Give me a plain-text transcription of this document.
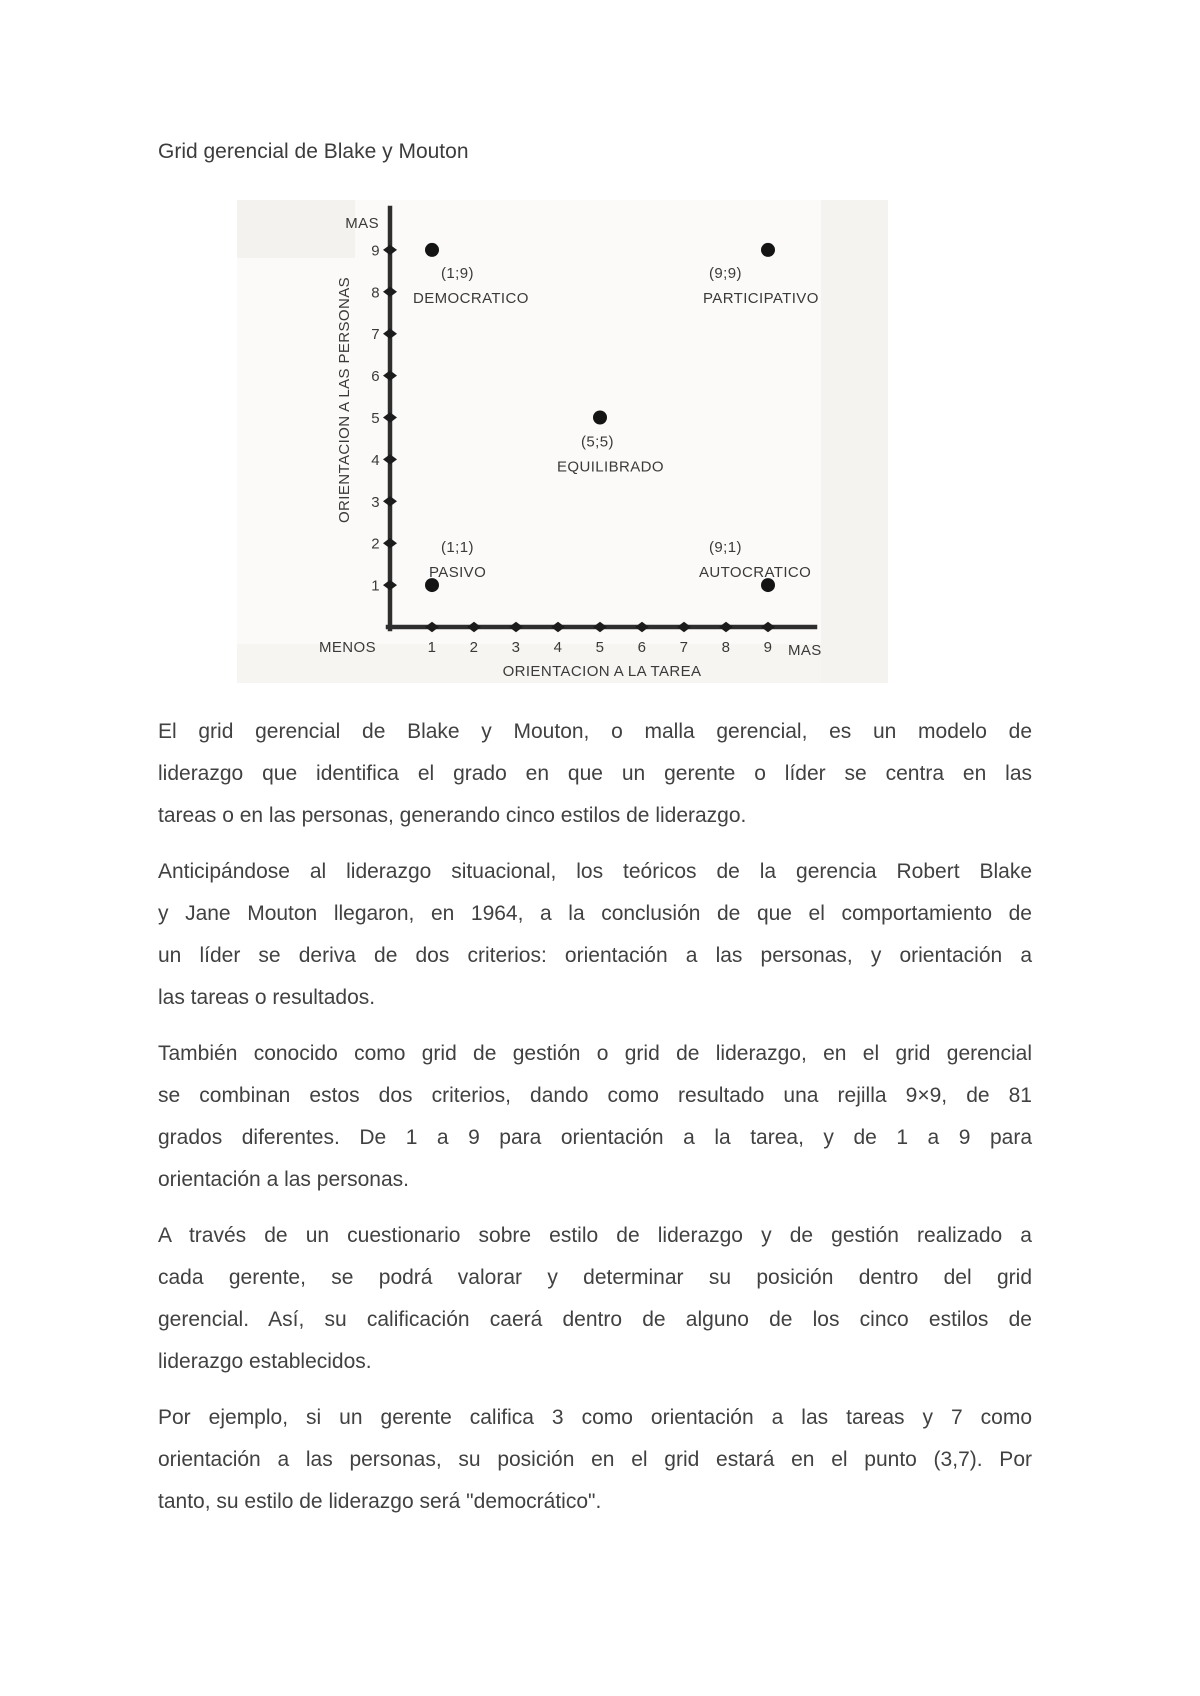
Grid gerencial de Blake y Mouton
1 2 3 4 5 6 7 8 9
1
2
3
4
5
6
7
8
9
MAS
MENOS	MAS
ORIENTACION A LA TAREA
ORIENTACION A LAS PERSONAS
(1;9)
DEMOCRATICO
(9;9)
PARTICIPATIVO
(5;5)
EQUILIBRADO
(1;1)
PASIVO
(9;1)
AUTOCRATICO
El grid gerencial de Blake y Mouton, o malla gerencial, es un modelo de
liderazgo que identifica el grado en que un gerente o líder se centra en las
tareas o en las personas, generando cinco estilos de liderazgo.
Anticipándose al liderazgo situacional, los teóricos de la gerencia Robert Blake
y Jane Mouton llegaron, en 1964, a la conclusión de que el comportamiento de
un líder se deriva de dos criterios: orientación a las personas, y orientación a
las tareas o resultados.
También conocido como grid de gestión o grid de liderazgo, en el grid gerencial
se combinan estos dos criterios, dando como resultado una rejilla 9×9, de 81
grados diferentes. De 1 a 9 para orientación a la tarea, y de 1 a 9 para
orientación a las personas.
A través de un cuestionario sobre estilo de liderazgo y de gestión realizado a
cada gerente, se podrá valorar y determinar su posición dentro del grid
gerencial. Así, su calificación caerá dentro de alguno de los cinco estilos de
liderazgo establecidos.
Por ejemplo, si un gerente califica 3 como orientación a las tareas y 7 como
orientación a las personas, su posición en el grid estará en el punto (3,7). Por
tanto, su estilo de liderazgo será "democrático".
